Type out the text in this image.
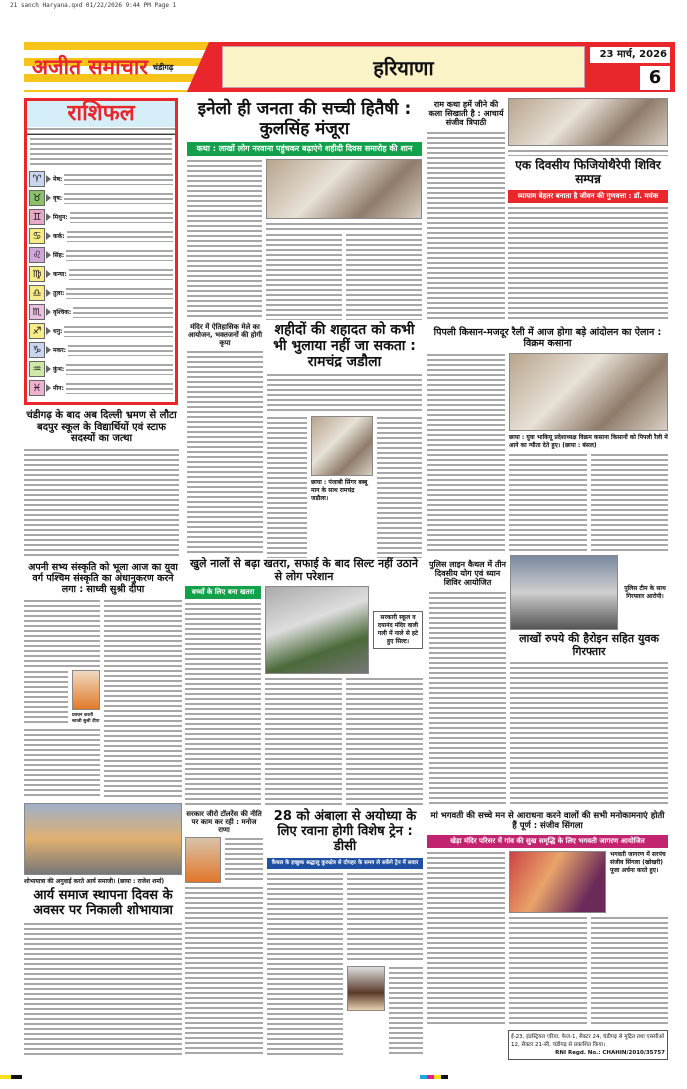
21 sanch Haryana.qxd 01/22/2026 9:44 PM Page 1
अजीत समाचार चंडीगढ़	हरियाणा
23 मार्च, 2026
6
राशिफल
♈	मेष:
♉	वृष:
♊	मिथुन:
♋	कर्क:
♌	सिंह:
♍	कन्या:
♎	तुला:
♏	वृश्चिक:
♐	धनु:
♑	मकर:
♒	कुंभ:
♓	मीन:
इनेलो ही जनता की सच्ची हितैषी : कुलसिंह मंजूरा
कथा : लाखों लोग नरवाना पहुंचकर बढ़ाएंगे शहीदी दिवस समारोह की शान
राम कथा हमें जीने की कला सिखाती है : आचार्य संजीव त्रिपाठी
एक दिवसीय फिजियोथैरेपी शिविर सम्पन्न
व्यायाम बेहतर बनाता है जीवन की गुणवत्ता : डॉ. मयंक
मंदिर में ऐतिहासिक मेले का आयोजन, भक्तजनों की होगी कृपा
शहीदों की शहादत को कभी भी भुलाया नहीं जा सकता : रामचंद्र जडौला
छाया : पंजाबी सिंगर बब्बू मान के साथ रामचंद्र जडौला।
पिपली किसान-मजदूर रैली में आज होगा बड़े आंदोलन का ऐलान : विक्रम कसाना
छाया : युवा भाकियू प्रदेशाध्यक्ष विक्रम कसाना किसानों को पिपली रैली में आने का न्यौता देते हुए। (छाया : बंसल)
चंडीगढ़ के बाद अब दिल्ली भ्रमण से लौटा बदपुर स्कूल के विद्यार्थियों एवं स्टाफ सदस्यों का जत्था
अपनी सभ्य संस्कृति को भूला आज का युवा वर्ग पश्चिम संस्कृति का अंधानुकरण करने लगा : साध्वी सुश्री दीपा
प्रवचन करती साध्वी सुश्री दीपा
खुले नालों से बढ़ा खतरा, सफाई के बाद सिल्ट नहीं उठाने से लोग परेशान
बच्चों के लिए बना खतरा
सरकारी स्कूल व दयानंद मंदिर वाली गली में नाले से हटे हुए सिल्ट।
पुलिस लाइन कैथल में तीन दिवसीय योग एवं ध्यान शिविर आयोजित
पुलिस टीम के साथ गिरफ्तार आरोपी।
लाखों रुपये की हैरोइन सहित युवक गिरफ्तार
सरकार जीरो टॉलरेंस की नीति पर काम कर रही : मनोज राणा
28 को अंबाला से अयोध्या के लिए रवाना होगी विशेष ट्रेन : डीसी
कैथल के इच्छुक श्रद्धालु कुरुक्षेत्र से दोपहर के समय ले सकेंगे ट्रेन में सवार
मां भगवती की सच्चे मन से आराधना करने वालों की सभी मनोकामनाएं होती हैं पूर्ण : संजीव सिंगला
खेड़ा मंदिर परिसर में गांव की सुख समृद्धि के लिए भगवती जागरण आयोजित
भगवती जागरण में सरपंच संजीव सिंगला (खोखरी) पूजा अर्चना करते हुए।
शोभायात्रा की अगुवाई करते आर्य समाजी। (छाया : राजेश शर्मा)
आर्य समाज स्थापना दिवस के अवसर पर निकाली शोभायात्रा
ई-23, इंडस्ट्रियल एरिया, फेज-1, सैक्टर 24, चंडीगढ़ से मुद्रित तथा एससीओ 12, सैक्टर 21-सी, चंडीगढ़ से प्रकाशित किया।
RNI Regd. No.: CHAHIN/2010/35757
